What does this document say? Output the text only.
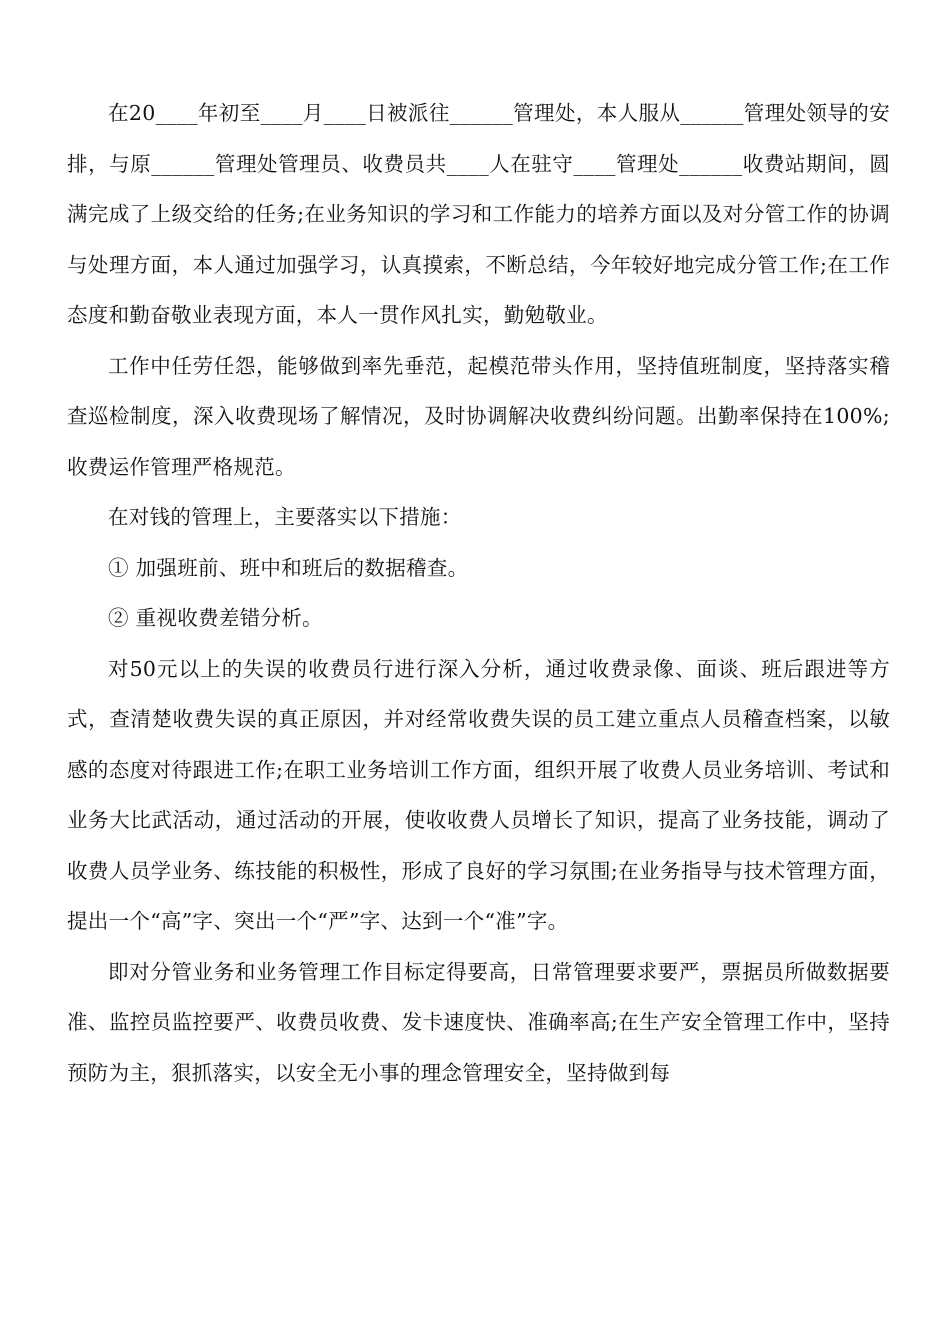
在20____年初至____月____日被派往______管理处，本人服从______管理处领导的安排，与原______管理处管理员、收费员共____人在驻守____管理处______收费站期间，圆满完成了上级交给的任务;在业务知识的学习和工作能力的培养方面以及对分管工作的协调与处理方面，本人通过加强学习，认真摸索，不断总结，今年较好地完成分管工作;在工作态度和勤奋敬业表现方面，本人一贯作风扎实，勤勉敬业。

工作中任劳任怨，能够做到率先垂范，起模范带头作用，坚持值班制度，坚持落实稽查巡检制度，深入收费现场了解情况，及时协调解决收费纠纷问题。出勤率保持在100%;收费运作管理严格规范。

在对钱的管理上，主要落实以下措施：

① 加强班前、班中和班后的数据稽查。

② 重视收费差错分析。

对50元以上的失误的收费员行进行深入分析，通过收费录像、面谈、班后跟进等方式，查清楚收费失误的真正原因，并对经常收费失误的员工建立重点人员稽查档案，以敏感的态度对待跟进工作;在职工业务培训工作方面，组织开展了收费人员业务培训、考试和业务大比武活动，通过活动的开展，使收收费人员增长了知识，提高了业务技能，调动了收费人员学业务、练技能的积极性，形成了良好的学习氛围;在业务指导与技术管理方面，提出一个“高”字、突出一个“严”字、达到一个“准”字。

即对分管业务和业务管理工作目标定得要高，日常管理要求要严，票据员所做数据要准、监控员监控要严、收费员收费、发卡速度快、准确率高;在生产安全管理工作中，坚持预防为主，狠抓落实，以安全无小事的理念管理安全，坚持做到每
